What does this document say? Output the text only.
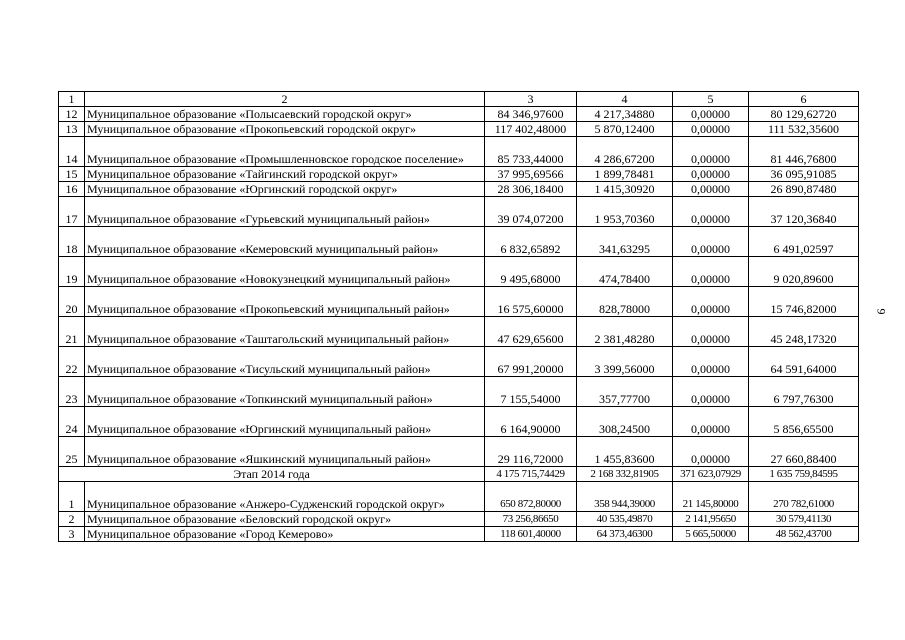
9
1	2	3	4	5	6
12	Муниципальное образование «Полысаевский городской округ»	84 346,97600	4 217,34880	0,00000	80 129,62720
13	Муниципальное образование «Прокопьевский городской округ»	117 402,48000	5 870,12400	0,00000	111 532,35600
14	Муниципальное образование «Промышленновское городское поселение»	85 733,44000	4 286,67200	0,00000	81 446,76800
15	Муниципальное образование «Тайгинский городской округ»	37 995,69566	1 899,78481	0,00000	36 095,91085
16	Муниципальное образование «Юргинский городской округ»	28 306,18400	1 415,30920	0,00000	26 890,87480
17	Муниципальное образование «Гурьевский муниципальный район»	39 074,07200	1 953,70360	0,00000	37 120,36840
18	Муниципальное образование «Кемеровский муниципальный район»	6 832,65892	341,63295	0,00000	6 491,02597
19	Муниципальное образование «Новокузнецкий муниципальный район»	9 495,68000	474,78400	0,00000	9 020,89600
20	Муниципальное образование «Прокопьевский муниципальный район»	16 575,60000	828,78000	0,00000	15 746,82000
21	Муниципальное образование «Таштагольский муниципальный район»	47 629,65600	2 381,48280	0,00000	45 248,17320
22	Муниципальное образование «Тисульский муниципальный район»	67 991,20000	3 399,56000	0,00000	64 591,64000
23	Муниципальное образование «Топкинский муниципальный район»	7 155,54000	357,77700	0,00000	6 797,76300
24	Муниципальное образование «Юргинский муниципальный район»	6 164,90000	308,24500	0,00000	5 856,65500
25	Муниципальное образование «Яшкинский муниципальный район»	29 116,72000	1 455,83600	0,00000	27 660,88400
Этап 2014 года		4 175 715,74429	2 168 332,81905	371 623,07929	1 635 759,84595
1	Муниципальное образование «Анжеро-Судженский городской округ»	650 872,80000	358 944,39000	21 145,80000	270 782,61000
2	Муниципальное образование «Беловский городской округ»	73 256,86650	40 535,49870	2 141,95650	30 579,41130
3	Муниципальное образование «Город Кемерово»	118 601,40000	64 373,46300	5 665,50000	48 562,43700
